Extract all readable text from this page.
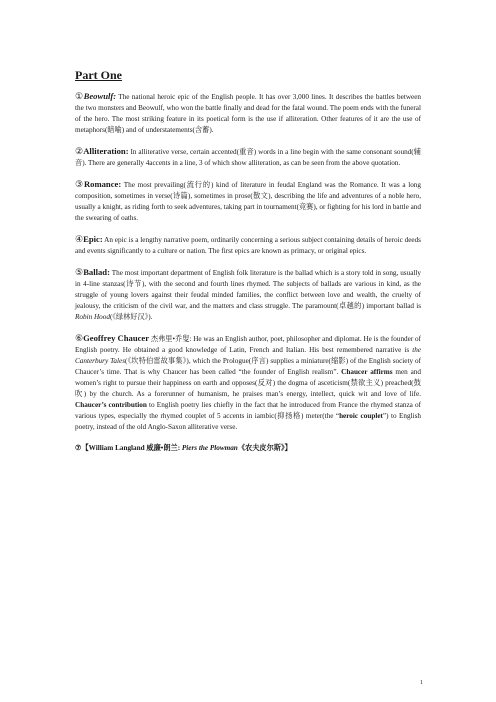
Part One

①Beowulf: The national heroic epic of the English people. It has over 3,000 lines. It describes the battles between the two monsters and Beowulf, who won the battle finally and dead for the fatal wound. The poem ends with the funeral of the hero. The most striking feature in its poetical form is the use if alliteration. Other features of it are the use of metaphors(暗喻) and of understatements(含蓄).

②Alliteration: In alliterative verse, certain accented(重音) words in a line begin with the same consonant sound(辅音). There are generally 4accents in a line, 3 of which show alliteration, as can be seen from the above quotation.

③Romance: The most prevailing(流行的) kind of literature in feudal England was the Romance. It was a long composition, sometimes in verse(诗篇), sometimes in prose(散文), describing the life and adventures of a noble hero, usually a knight, as riding forth to seek adventures, taking part in tournament(竞赛), or fighting for his lord in battle and the swearing of oaths.

④Epic: An epic is a lengthy narrative poem, ordinarily concerning a serious subject containing details of heroic deeds and events significantly to a culture or nation. The first epics are known as primacy, or original epics.

⑤Ballad: The most important department of English folk literature is the ballad which is a story told in song, usually in 4-line stanzas(诗节), with the second and fourth lines rhymed. The subjects of ballads are various in kind, as the struggle of young lovers against their feudal minded families, the conflict between love and wealth, the cruelty of jealousy, the criticism of the civil war, and the matters and class struggle. The paramount(卓越的) important ballad is Robin Hood(《绿林好汉》).

⑥Geoffrey Chaucer 杰弗里•乔叟: He was an English author, poet, philosopher and diplomat. He is the founder of English poetry. He obtained a good knowledge of Latin, French and Italian. His best remembered narrative is the Canterbury Tales(《坎特伯雷故事集》), which the Prologue(序言) supplies a miniature(缩影) of the English society of Chaucer’s time. That is why Chaucer has been called “the founder of English realism”. Chaucer affirms men and women’s right to pursue their happiness on earth and opposes(反对) the dogma of asceticism(禁欲主义) preached(鼓吹) by the church. As a forerunner of humanism, he praises man’s energy, intellect, quick wit and love of life. Chaucer’s contribution to English poetry lies chiefly in the fact that he introduced from France the rhymed stanza of various types, especially the rhymed couplet of 5 accents in iambic(抑扬格) meter(the “heroic couplet”) to English poetry, instead of the old Anglo-Saxon alliterative verse.

⑦【William Langland 威廉•朗兰: Piers the Plowman《农夫皮尔斯》】
1
